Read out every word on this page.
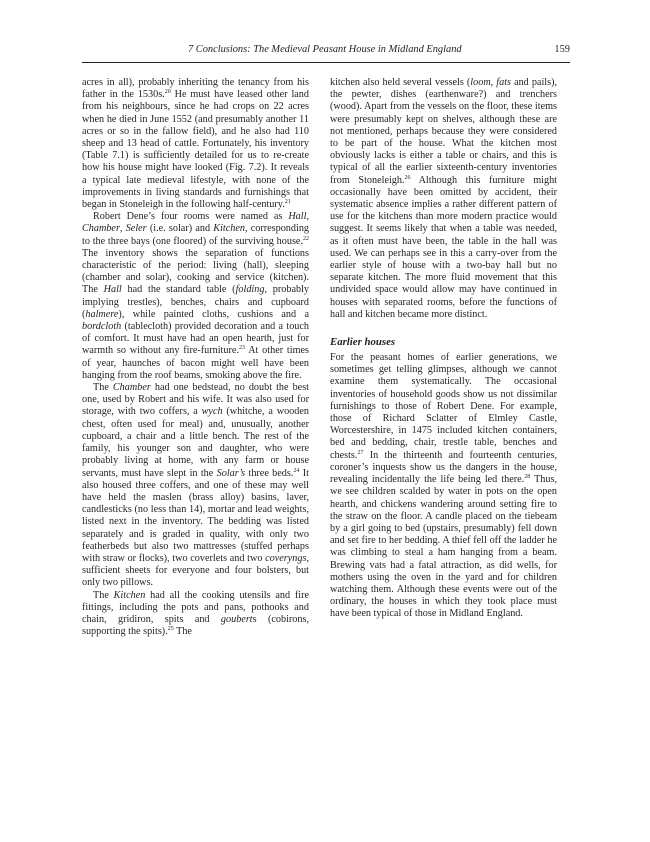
7 Conclusions: The Medieval Peasant House in Midland England	159

acres in all), probably inheriting the tenancy from his father in the 1530s.$^{20}$ He must have leased other land from his neighbours, since he had crops on 22 acres when he died in June 1552 (and presumably another 11 acres or so in the fallow field), and he also had 110 sheep and 13 head of cattle. Fortunately, his inventory (Table 7.1) is sufficiently detailed for us to re-create how his house might have looked (Fig. 7.2). It reveals a typical late medieval lifestyle, with none of the improvements in living standards and furnishings that began in Stoneleigh in the following half-century.$^{21}$

Robert Dene’s four rooms were named as Hall, Chamber, Seler (i.e. solar) and Kitchen, corresponding to the three bays (one floored) of the surviving house.$^{22}$ The inventory shows the separation of functions characteristic of the period: living (hall), sleeping (chamber and solar), cooking and service (kitchen). The Hall had the standard table (folding, probably implying trestles), benches, chairs and cupboard (halmere), while painted cloths, cushions and a bordcloth (tablecloth) provided decoration and a touch of comfort. It must have had an open hearth, just for warmth so without any fire-furniture.$^{23}$ At other times of year, haunches of bacon might well have been hanging from the roof beams, smoking above the fire.

The Chamber had one bedstead, no doubt the best one, used by Robert and his wife. It was also used for storage, with two coffers, a wych (whitche, a wooden chest, often used for meal) and, unusually, another cupboard, a chair and a little bench. The rest of the family, his younger son and daughter, who were probably living at home, with any farm or house servants, must have slept in the Solar’s three beds.$^{24}$ It also housed three coffers, and one of these may well have held the maslen (brass alloy) basins, laver, candlesticks (no less than 14), mortar and lead weights, listed next in the inventory. The bedding was listed separately and is graded in quality, with only two featherbeds but also two mattresses (stuffed perhaps with straw or flocks), two coverlets and two coveryngs, sufficient sheets for everyone and four bolsters, but only two pillows.

The Kitchen had all the cooking utensils and fire fittings, including the pots and pans, pothooks and chain, gridiron, spits and gouberts (cobirons, supporting the spits).$^{25}$ The

kitchen also held several vessels (loom, fats and pails), the pewter, dishes (earthenware?) and trenchers (wood). Apart from the vessels on the floor, these items were presumably kept on shelves, although these are not mentioned, perhaps because they were considered to be part of the house. What the kitchen most obviously lacks is either a table or chairs, and this is typical of all the earlier sixteenth-century inventories from Stoneleigh.$^{26}$ Although this furniture might occasionally have been omitted by accident, their systematic absence implies a rather different pattern of use for the kitchens than more modern practice would suggest. It seems likely that when a table was needed, as it often must have been, the table in the hall was used. We can perhaps see in this a carry-over from the earlier style of house with a two-bay hall but no separate kitchen. The more fluid movement that this undivided space would allow may have continued in houses with separated rooms, before the functions of hall and kitchen became more distinct.

Earlier houses

For the peasant homes of earlier generations, we sometimes get telling glimpses, although we cannot examine them systematically. The occasional inventories of household goods show us not dissimilar furnishings to those of Robert Dene. For example, those of Richard Sclatter of Elmley Castle, Worcestershire, in 1475 included kitchen containers, bed and bedding, chair, trestle table, benches and chests.$^{27}$ In the thirteenth and fourteenth centuries, coroner’s inquests show us the dangers in the house, revealing incidentally the life being led there.$^{28}$ Thus, we see children scalded by water in pots on the open hearth, and chickens wandering around setting fire to the straw on the floor. A candle placed on the tiebeam by a girl going to bed (upstairs, presumably) fell down and set fire to her bedding. A thief fell off the ladder he was climbing to steal a ham hanging from a beam. Brewing vats had a fatal attraction, as did wells, for mothers using the oven in the yard and for children watching them. Although these events were out of the ordinary, the houses in which they took place must have been typical of those in Midland England.
